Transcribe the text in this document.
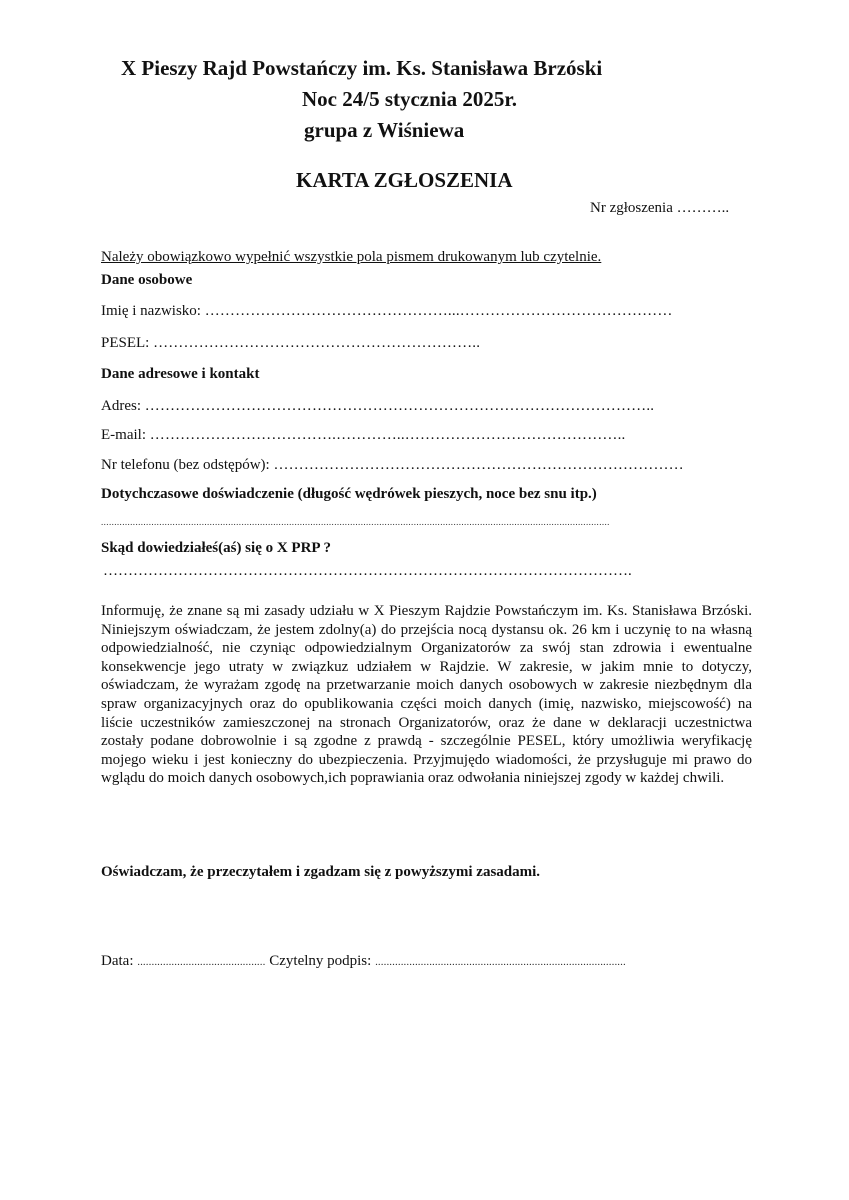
X Pieszy Rajd Powstańczy im. Ks. Stanisława Brzóski
Noc 24/5 stycznia 2025r.
grupa z Wiśniewa
KARTA ZGŁOSZENIA
Nr zgłoszenia ………..
Należy obowiązkowo wypełnić wszystkie pola pismem drukowanym lub czytelnie.
Dane osobowe
Imię i nazwisko: …………………………………………...……………………………………
PESEL: ………………………………………………………..
Dane adresowe i kontakt
Adres: ………………………………………………………………………………………..
E-mail: ……………………………….…………..……………………………………..
Nr telefonu (bez odstępów): ………………………………………………………………………
Dotychczasowe doświadczenie (długość wędrówek pieszych, noce bez snu itp.)
................................................................................................................................................................................................
Skąd dowiedziałeś(aś) się o X PRP ?
…………………………………………………………………………………………….
Informuję, że znane są mi zasady udziału w X Pieszym Rajdzie Powstańczym im. Ks. Stanisława Brzóski. Niniejszym oświadczam, że jestem zdolny(a) do przejścia nocą dystansu ok. 26 km i uczynię to na własną odpowiedzialność, nie czyniąc odpowiedzialnym Organizatorów za swój stan zdrowia i ewentualne konsekwencje jego utraty w związkuz udziałem w Rajdzie. W zakresie, w jakim mnie to dotyczy, oświadczam, że wyrażam zgodę na przetwarzanie moich danych osobowych w zakresie niezbędnym dla spraw organizacyjnych oraz do opublikowania części moich danych (imię, nazwisko, miejscowość) na liście uczestników zamieszczonej na stronach Organizatorów, oraz że dane w deklaracji uczestnictwa zostały podane dobrowolnie i są zgodne z prawdą - szczególnie PESEL, który umożliwia weryfikację mojego wieku i jest konieczny do ubezpieczenia. Przyjmujędo wiadomości, że przysługuje mi prawo do wglądu do moich danych osobowych,ich poprawiania oraz odwołania niniejszej zgody w każdej chwili.
Oświadczam, że przeczytałem i zgadzam się z powyższymi zasadami.
Data: ............................................. Czytelny podpis: ........................................................................................
